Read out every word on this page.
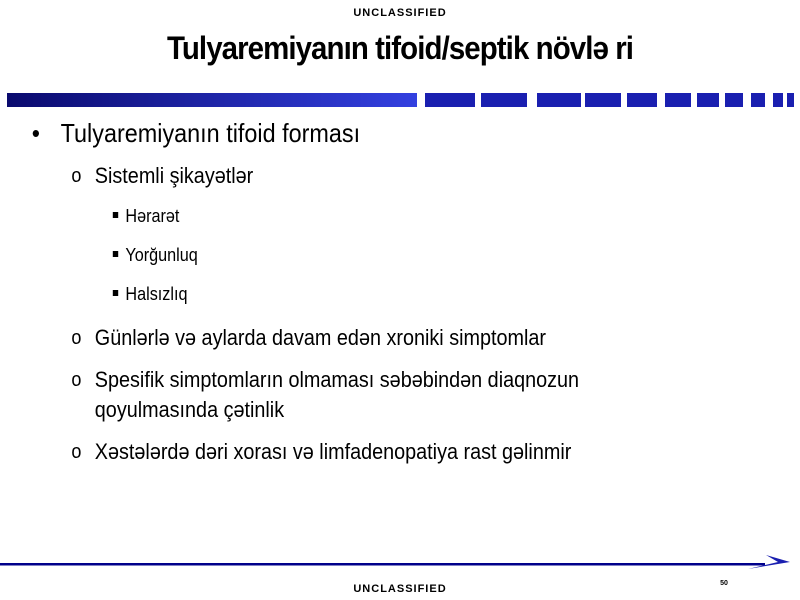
UNCLASSIFIED
Tulyaremiyanın tifoid/septik növlǝ ri
• Tulyaremiyanın tifoid forması
o Sistemli şikayǝtlǝr
Hǝrarǝt
Yorğunluq
Halsızlıq
o Günlǝrlǝ vǝ aylarda davam edǝn xroniki simptomlar
o Spesifik simptomların olmaması sǝbǝbindǝn diaqnozun qoyulmasında çǝtinlik
o Xǝstǝlǝrdǝ dǝri xorası vǝ limfadenopatiya rast gǝlinmir
50
UNCLASSIFIED
